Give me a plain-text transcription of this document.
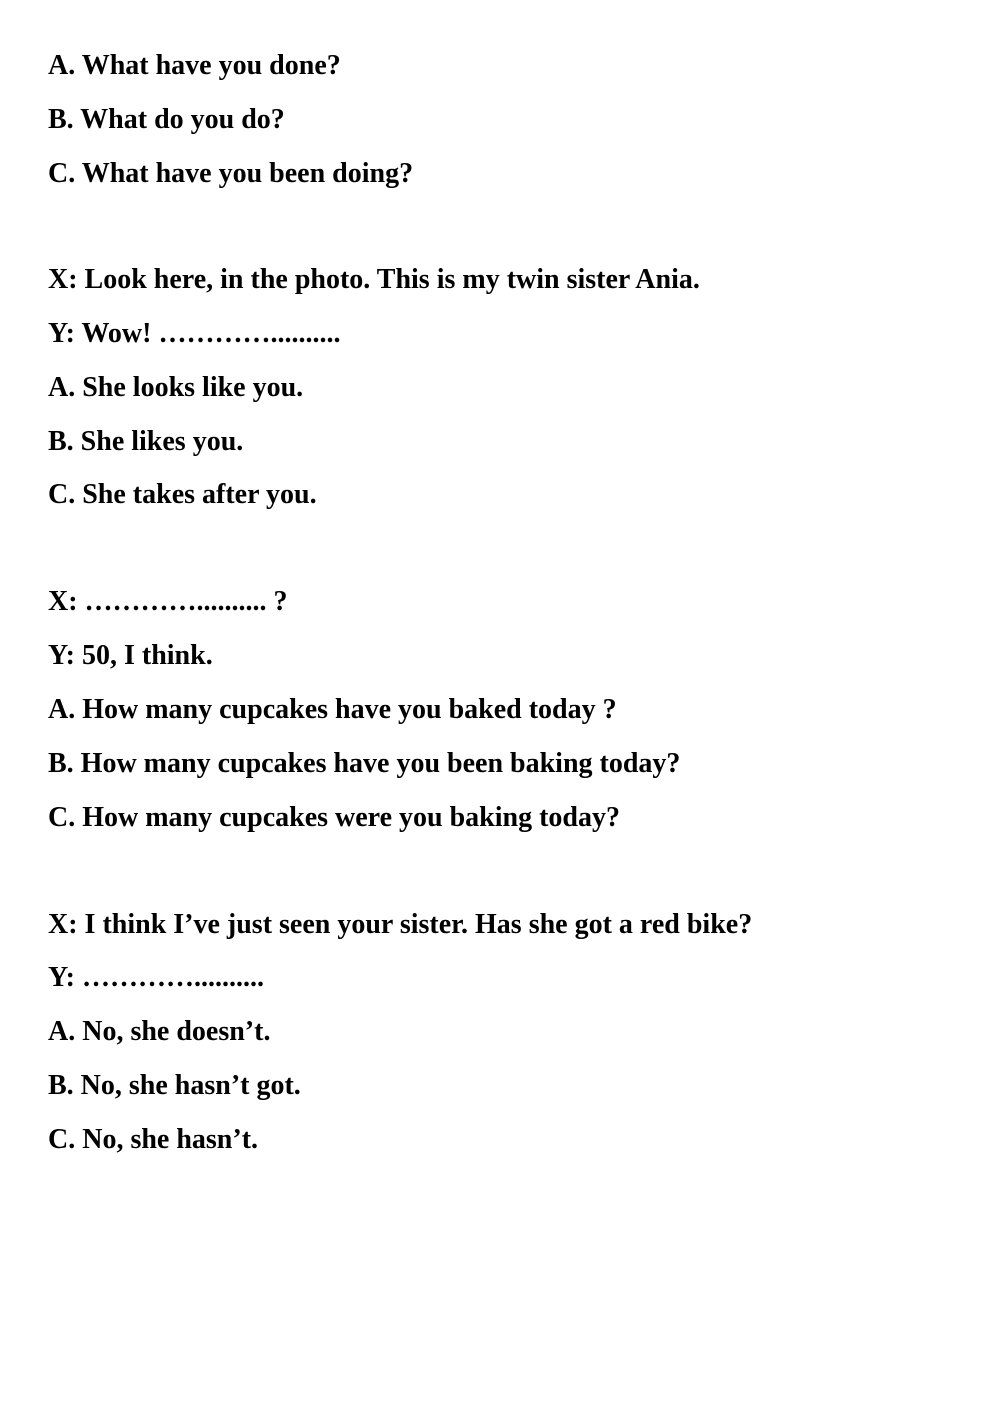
A. What have you done?
B. What do you do?
C. What have you been doing?
X: Look here, in the photo. This is my twin sister Ania.
Y: Wow! …………..........
A. She looks like you.
B. She likes you.
C. She takes after you.
X: ………….......... ?
Y: 50, I think.
A. How many cupcakes have you baked today ?
B. How many cupcakes have you been baking today?
C. How many cupcakes were you baking today?
X: I think I’ve just seen your sister. Has she got a red bike?
Y: …………..........
A. No, she doesn’t.
B. No, she hasn’t got.
C. No, she hasn’t.
